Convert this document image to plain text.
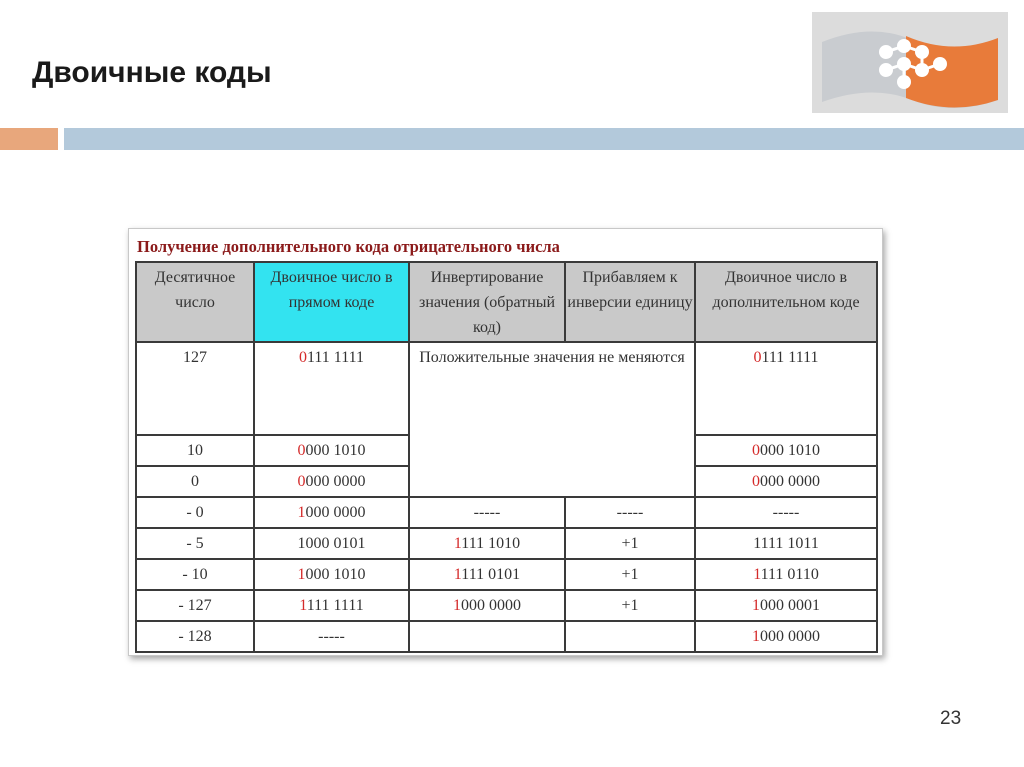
Двоичные коды
Получение дополнительного кода отрицательного числа
Десятичное число	Двоичное число в прямом коде	Инвертирование значения (обратный код)	Прибавляем к инверсии единицу	Двоичное число в дополнительном коде
127	0111 1111	Положительные значения не меняются		0111 1111
10	0000 1010			0000 1010
0	0000 0000			0000 0000
- 0	1000 0000	-----	-----	-----
- 5	1000 0101	1111 1010	+1	1111 1011
- 10	1000 1010	1111 0101	+1	1111 0110
- 127	1111 1111	1000 0000	+1	1000 0001
- 128	-----			1000 0000
23
